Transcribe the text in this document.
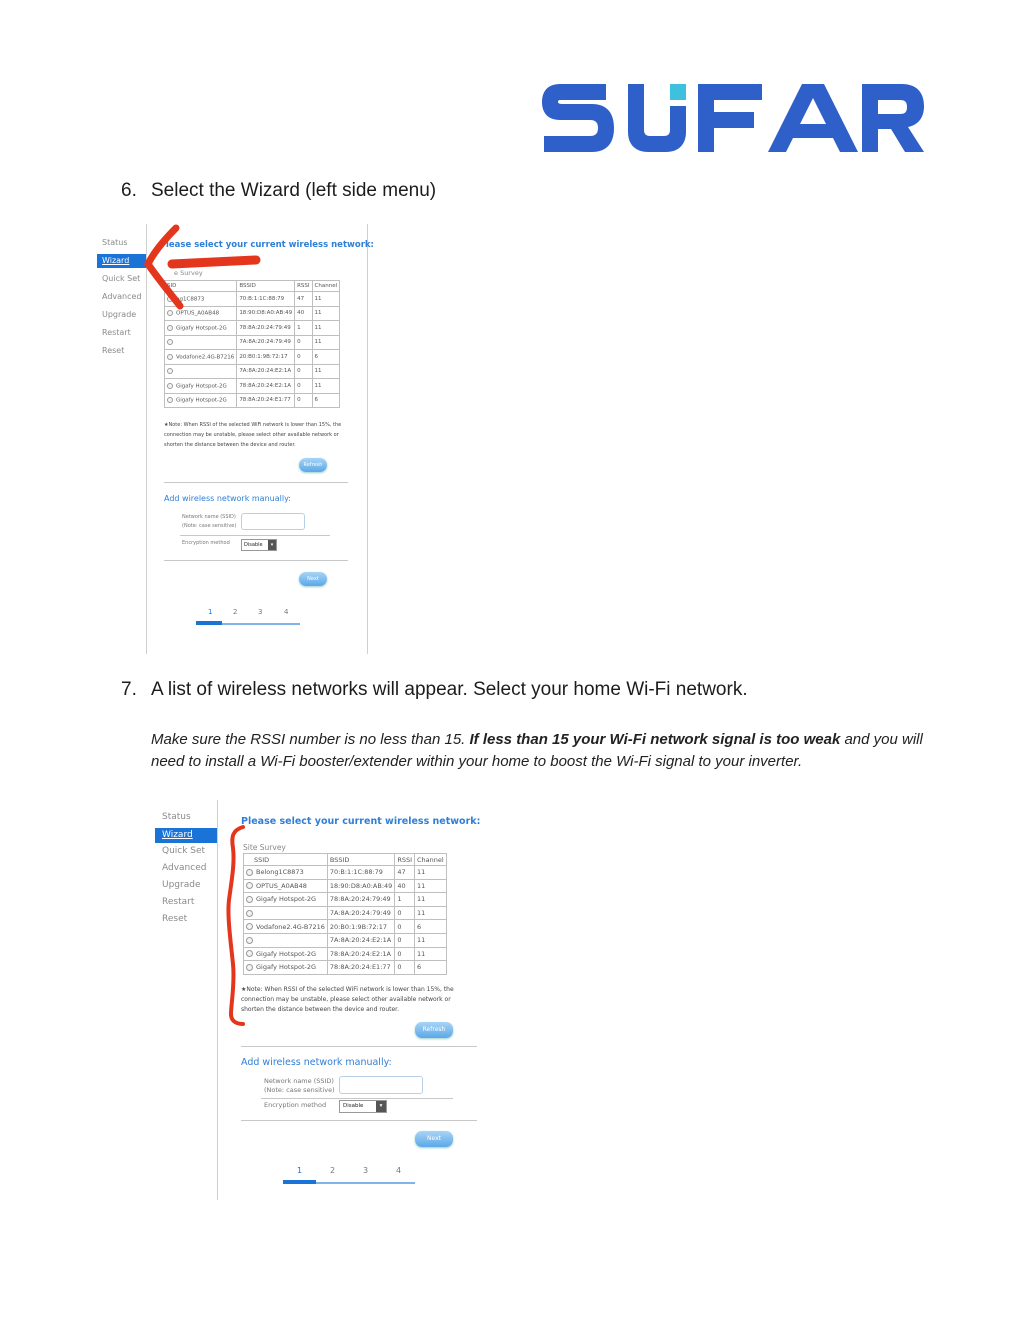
6. Select the Wizard (left side menu)
Status
Wizard
Quick Set
Advanced
Upgrade
Restart
Reset
lease select your current wireless network:
e Survey
SID	BSSID	RSSI	Channel
ng1C8873	70:B:1:1C:88:79	47	11
OPTUS_A0AB48	18:90:D8:A0:AB:49	40	11
Gigafy Hotspot-2G	78:8A:20:24:79:49	1	11
	7A:8A:20:24:79:49	0	11
Vodafone2.4G-B7216	20:B0:1:9B:72:17	0	6
	7A:8A:20:24:E2:1A	0	11
Gigafy Hotspot-2G	78:8A:20:24:E2:1A	0	11
Gigafy Hotspot-2G	78:8A:20:24:E1:77	0	6
★Note: When RSSI of the selected WiFi network is lower than 15%, the connection may be unstable, please select other available network or shorten the distance between the device and router.
Refresh
Add wireless network manually:
Network name (SSID)
(Note: case sensitive)
Encryption method	Disable	▾
Next
1	2	3	4
7. A list of wireless networks will appear. Select your home Wi-Fi network.
Make sure the RSSI number is no less than 15. If less than 15 your Wi-Fi network signal is too weak and you will need to install a Wi-Fi booster/extender within your home to boost the Wi-Fi signal to your inverter.
Status
Wizard
Quick Set
Advanced
Upgrade
Restart
Reset
Please select your current wireless network:
Site Survey
SSID	BSSID	RSSI	Channel
Belong1C8873	70:B:1:1C:88:79	47	11
OPTUS_A0AB48	18:90:D8:A0:AB:49	40	11
Gigafy Hotspot-2G	78:8A:20:24:79:49	1	11
	7A:8A:20:24:79:49	0	11
Vodafone2.4G-B7216	20:B0:1:9B:72:17	0	6
	7A:8A:20:24:E2:1A	0	11
Gigafy Hotspot-2G	78:8A:20:24:E2:1A	0	11
Gigafy Hotspot-2G	78:8A:20:24:E1:77	0	6
★Note: When RSSI of the selected WiFi network is lower than 15%, the connection may be unstable, please select other available network or shorten the distance between the device and router.
Refresh
Add wireless network manually:
Network name (SSID)
(Note: case sensitive)
Encryption method	Disable	▾
Next
1	2	3	4
